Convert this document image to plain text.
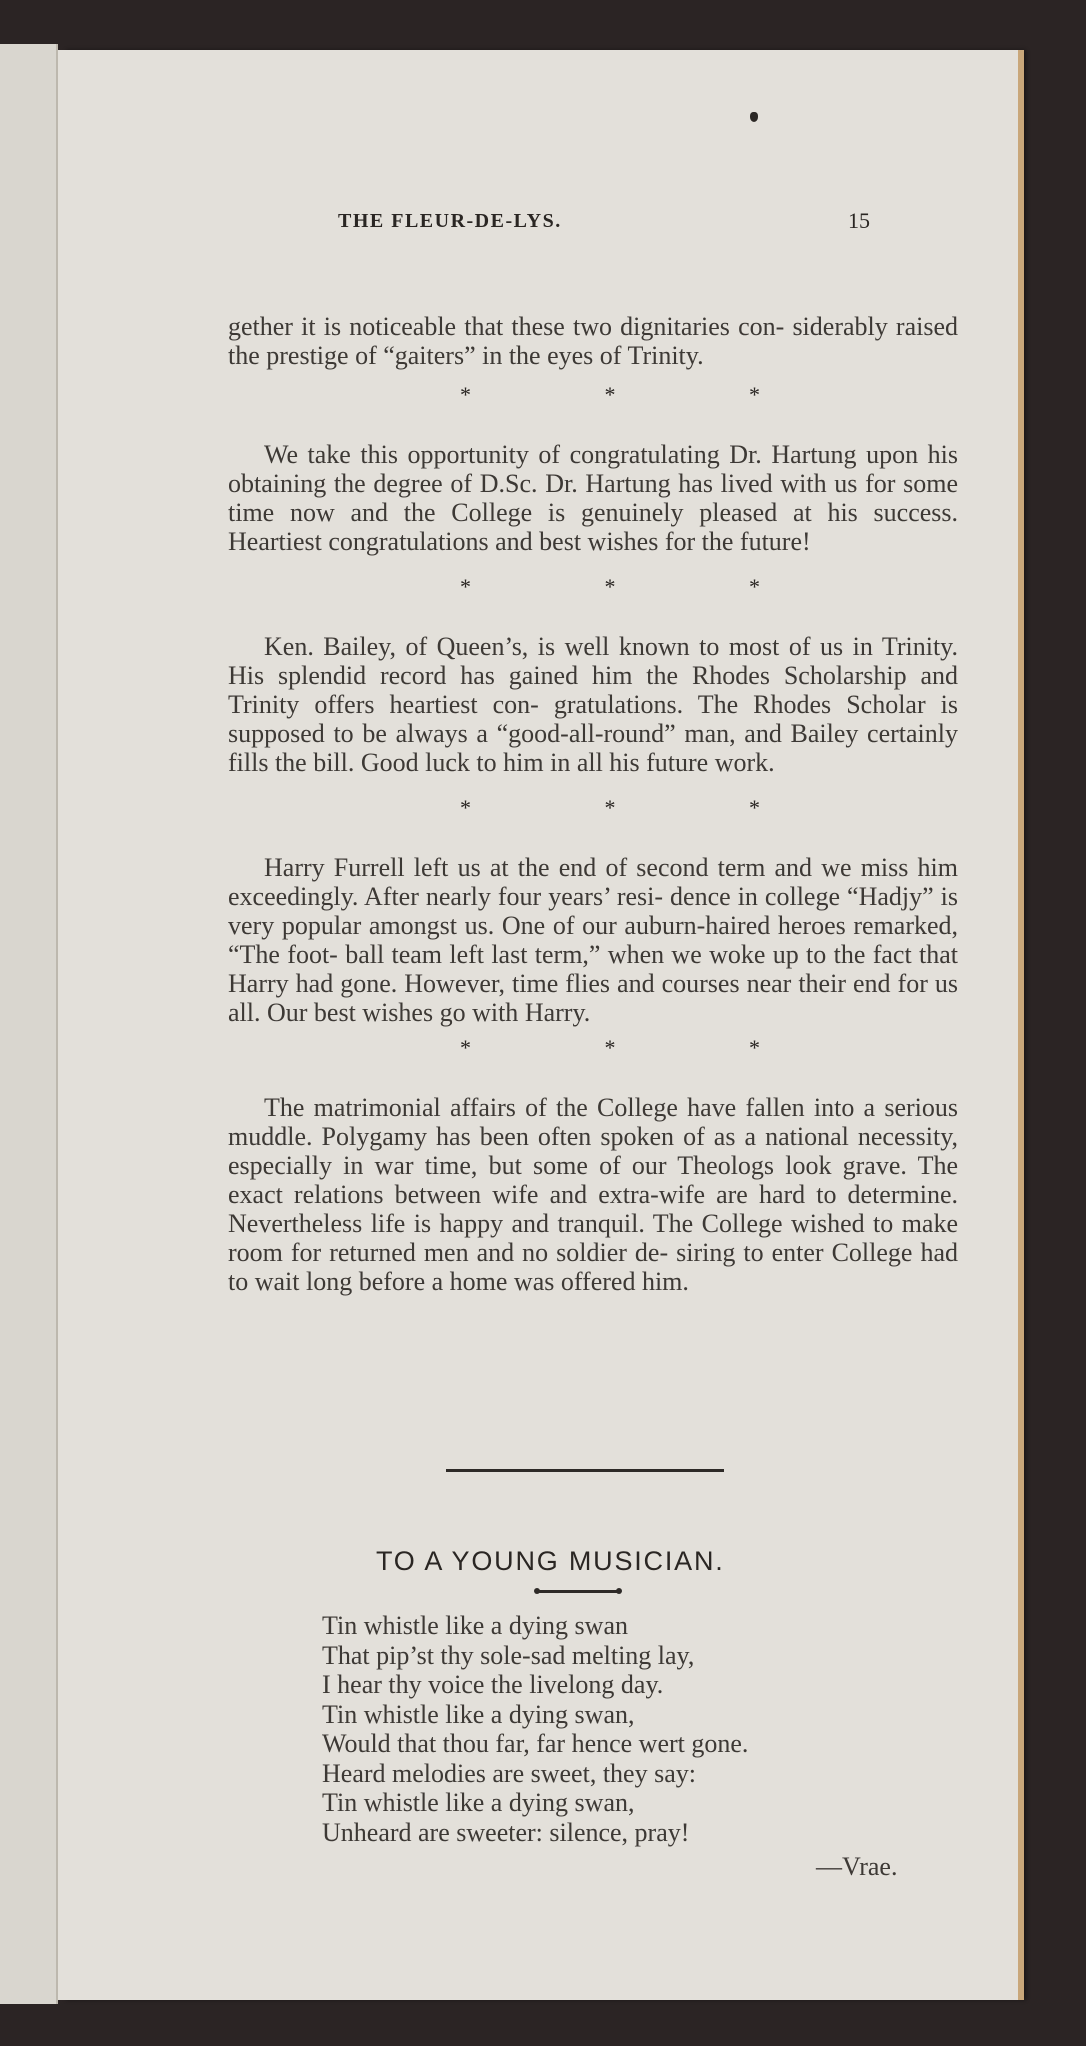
THE FLEUR-DE-LYS.	15

gether it is noticeable that these two dignitaries con- siderably raised the prestige of “gaiters” in the eyes of Trinity.

*	*	*

We take this opportunity of congratulating Dr. Hartung upon his obtaining the degree of D.Sc. Dr. Hartung has lived with us for some time now and the College is genuinely pleased at his success. Heartiest congratulations and best wishes for the future!

*	*	*

Ken. Bailey, of Queen’s, is well known to most of us in Trinity. His splendid record has gained him the Rhodes Scholarship and Trinity offers heartiest con- gratulations. The Rhodes Scholar is supposed to be always a “good-all-round” man, and Bailey certainly fills the bill. Good luck to him in all his future work.

*	*	*

Harry Furrell left us at the end of second term and we miss him exceedingly. After nearly four years’ resi- dence in college “Hadjy” is very popular amongst us. One of our auburn-haired heroes remarked, “The foot- ball team left last term,” when we woke up to the fact that Harry had gone. However, time flies and courses near their end for us all. Our best wishes go with Harry.

*	*	*

The matrimonial affairs of the College have fallen into a serious muddle. Polygamy has been often spoken of as a national necessity, especially in war time, but some of our Theologs look grave. The exact relations between wife and extra-wife are hard to determine. Nevertheless life is happy and tranquil. The College wished to make room for returned men and no soldier de- siring to enter College had to wait long before a home was offered him.

TO A YOUNG MUSICIAN.
Tin whistle like a dying swan
That pip’st thy sole-sad melting lay,
I hear thy voice the livelong day.
Tin whistle like a dying swan,
Would that thou far, far hence wert gone.
Heard melodies are sweet, they say:
Tin whistle like a dying swan,
Unheard are sweeter: silence, pray!
—Vrae.
